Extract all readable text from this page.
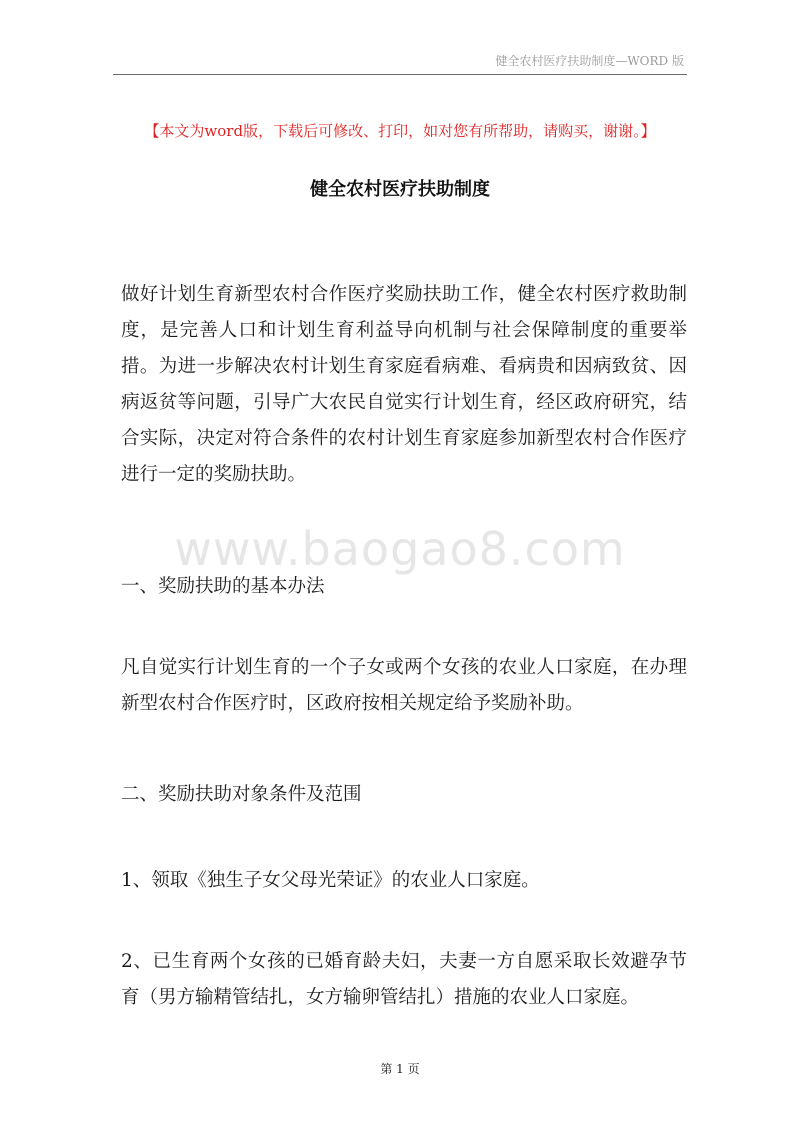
健全农村医疗扶助制度—WORD 版
【本文为word版，下载后可修改、打印，如对您有所帮助，请购买，谢谢。】
健全农村医疗扶助制度
www.baogao8.com

做好计划生育新型农村合作医疗奖励扶助工作，健全农村医疗救助制度，是完善人口和计划生育利益导向机制与社会保障制度的重要举措。为进一步解决农村计划生育家庭看病难、看病贵和因病致贫、因病返贫等问题，引导广大农民自觉实行计划生育，经区政府研究，结合实际，决定对符合条件的农村计划生育家庭参加新型农村合作医疗进行一定的奖励扶助。

一、奖励扶助的基本办法

凡自觉实行计划生育的一个子女或两个女孩的农业人口家庭，在办理新型农村合作医疗时，区政府按相关规定给予奖励补助。

二、奖励扶助对象条件及范围

1、领取《独生子女父母光荣证》的农业人口家庭。

2、已生育两个女孩的已婚育龄夫妇，夫妻一方自愿采取长效避孕节育（男方输精管结扎，女方输卵管结扎）措施的农业人口家庭。

第 1 页
